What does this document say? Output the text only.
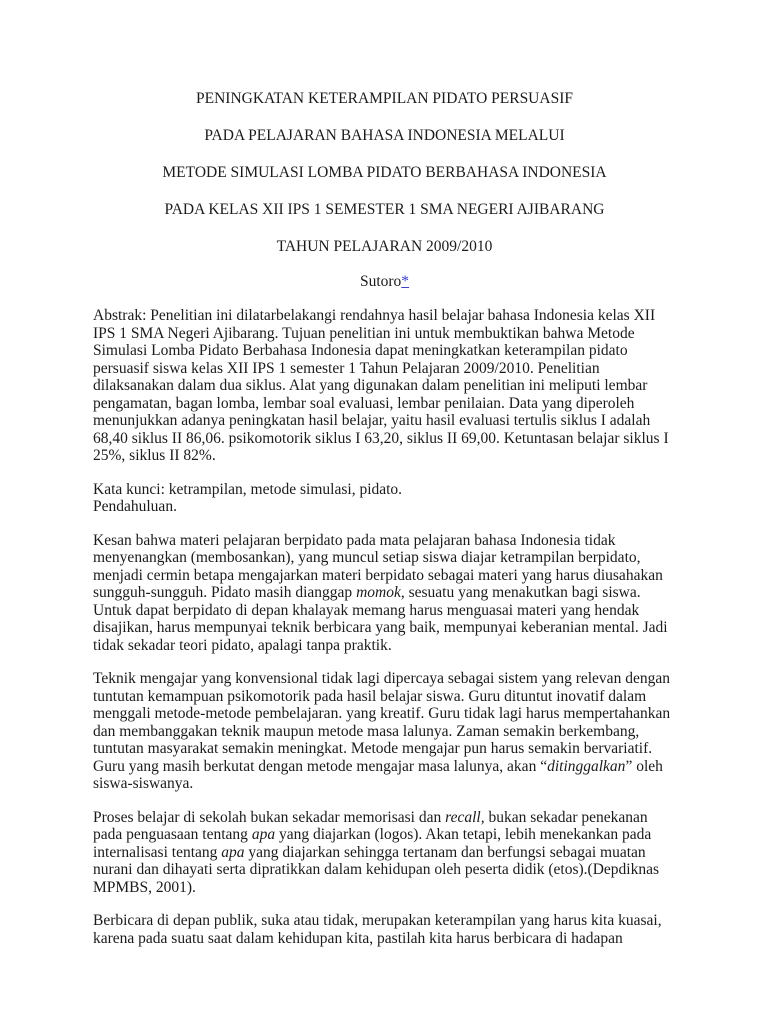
PENINGKATAN KETERAMPILAN PIDATO PERSUASIF
PADA PELAJARAN BAHASA INDONESIA MELALUI
METODE SIMULASI LOMBA PIDATO BERBAHASA INDONESIA
PADA KELAS XII IPS 1 SEMESTER 1 SMA NEGERI AJIBARANG
TAHUN PELAJARAN 2009/2010
Sutoro*
Abstrak: Penelitian ini dilatarbelakangi rendahnya hasil belajar bahasa Indonesia kelas XII IPS 1 SMA Negeri Ajibarang. Tujuan penelitian ini untuk membuktikan bahwa Metode Simulasi Lomba Pidato Berbahasa Indonesia dapat meningkatkan keterampilan pidato persuasif siswa kelas XII IPS 1 semester 1 Tahun Pelajaran 2009/2010. Penelitian dilaksanakan dalam dua siklus. Alat yang digunakan dalam penelitian ini meliputi lembar pengamatan, bagan lomba, lembar soal evaluasi, lembar penilaian. Data yang diperoleh menunjukkan adanya peningkatan hasil belajar, yaitu hasil evaluasi tertulis siklus I adalah 68,40 siklus II 86,06. psikomotorik siklus I 63,20, siklus II 69,00. Ketuntasan belajar siklus I 25%, siklus II 82%.
Kata kunci: ketrampilan, metode simulasi, pidato.
Pendahuluan.
Kesan bahwa materi pelajaran berpidato pada mata pelajaran bahasa Indonesia tidak menyenangkan (membosankan), yang muncul setiap siswa diajar ketrampilan berpidato, menjadi cermin betapa mengajarkan materi berpidato sebagai materi yang harus diusahakan sungguh-sungguh. Pidato masih dianggap momok, sesuatu yang menakutkan bagi siswa. Untuk dapat berpidato di depan khalayak memang harus menguasai materi yang hendak disajikan, harus mempunyai teknik berbicara yang baik, mempunyai keberanian mental. Jadi tidak sekadar teori pidato, apalagi tanpa praktik.
Teknik mengajar yang konvensional tidak lagi dipercaya sebagai sistem yang relevan dengan tuntutan kemampuan psikomotorik pada hasil belajar siswa. Guru dituntut inovatif dalam menggali metode-metode pembelajaran. yang kreatif. Guru tidak lagi harus mempertahankan dan membanggakan teknik maupun metode masa lalunya. Zaman semakin berkembang, tuntutan masyarakat semakin meningkat. Metode mengajar pun harus semakin bervariatif. Guru yang masih berkutat dengan metode mengajar masa lalunya, akan “ditinggalkan” oleh siswa-siswanya.
Proses belajar di sekolah bukan sekadar memorisasi dan recall, bukan sekadar penekanan pada penguasaan tentang apa yang diajarkan (logos). Akan tetapi, lebih menekankan pada internalisasi tentang apa yang diajarkan sehingga tertanam dan berfungsi sebagai muatan nurani dan dihayati serta dipratikkan dalam kehidupan oleh peserta didik (etos).(Depdiknas MPMBS, 2001).
Berbicara di depan publik, suka atau tidak, merupakan keterampilan yang harus kita kuasai, karena pada suatu saat dalam kehidupan kita, pastilah kita harus berbicara di hadapan
